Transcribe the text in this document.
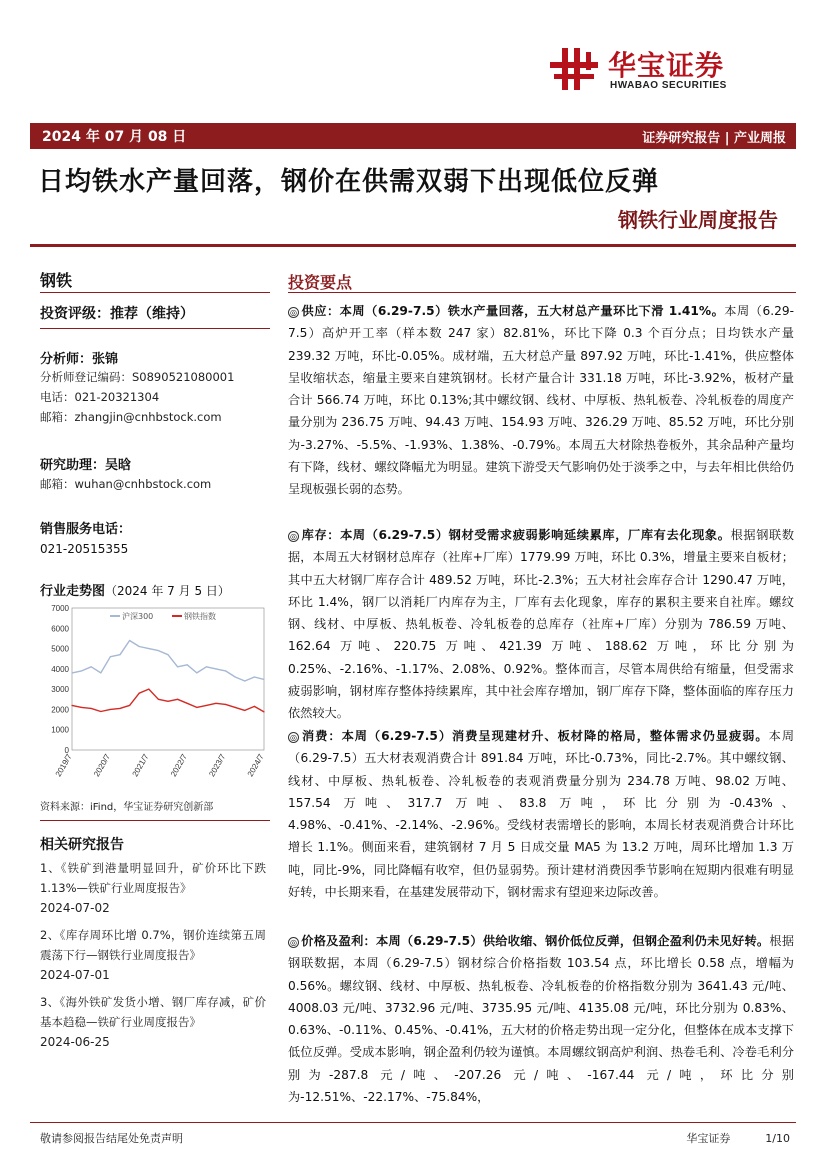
华宝证券
HWABAO SECURITIES
2024 年 07 月 08 日	证券研究报告 | 产业周报
日均铁水产量回落，钢价在供需双弱下出现低位反弹
钢铁行业周度报告
钢铁
投资评级：推荐（维持）
分析师：张锦
分析师登记编码：S0890521080001
电话：021-20321304
邮箱：zhangjin@cnhbstock.com
研究助理：吴晗
邮箱：wuhan@cnhbstock.com
销售服务电话：
021-20515355
行业走势图（2024 年 7 月 5 日）
0
1000
2000
3000
4000
5000
6000
7000
2019/7 2020/7 2021/7 2022/7 2023/7 2024/7
沪深300	钢铁指数
资料来源：iFind，华宝证券研究创新部
相关研究报告
1、《铁矿到港量明显回升，矿价环比下跌 1.13%—铁矿行业周度报告》
2024-07-02
2、《库存周环比增 0.7%，钢价连续第五周震荡下行—钢铁行业周度报告》
2024-07-01
3、《海外铁矿发货小增、钢厂库存减，矿价基本趋稳—铁矿行业周度报告》
2024-06-25
投资要点
◎ 供应：本周（6.29-7.5）铁水产量回落，五大材总产量环比下滑 1.41%。本周（6.29-7.5）高炉开工率（样本数 247 家）82.81%，环比下降 0.3 个百分点；日均铁水产量 239.32 万吨，环比-0.05%。成材端，五大材总产量 897.92 万吨，环比-1.41%，供应整体呈收缩状态，缩量主要来自建筑钢材。长材产量合计 331.18 万吨，环比-3.92%，板材产量合计 566.74 万吨，环比 0.13%;其中螺纹钢、线材、中厚板、热轧板卷、冷轧板卷的周度产量分别为 236.75 万吨、94.43 万吨、154.93 万吨、326.29 万吨、85.52 万吨，环比分别为-3.27%、-5.5%、-1.93%、1.38%、-0.79%。本周五大材除热卷板外，其余品种产量均有下降，线材、螺纹降幅尤为明显。建筑下游受天气影响仍处于淡季之中，与去年相比供给仍呈现板强长弱的态势。
◎ 库存：本周（6.29-7.5）钢材受需求疲弱影响延续累库，厂库有去化现象。根据钢联数据，本周五大材钢材总库存（社库+厂库）1779.99 万吨，环比 0.3%，增量主要来自板材；其中五大材钢厂库存合计 489.52 万吨，环比-2.3%；五大材社会库存合计 1290.47 万吨，环比 1.4%，钢厂以消耗厂内库存为主，厂库有去化现象，库存的累积主要来自社库。螺纹钢、线材、中厚板、热轧板卷、冷轧板卷的总库存（社库+厂库）分别为 786.59 万吨、162.64 万吨、220.75 万吨、421.39 万吨、188.62 万吨，环比分别为 0.25%、-2.16%、-1.17%、2.08%、0.92%。整体而言，尽管本周供给有缩量，但受需求疲弱影响，钢材库存整体持续累库，其中社会库存增加，钢厂库存下降，整体面临的库存压力依然较大。
◎ 消费：本周（6.29-7.5）消费呈现建材升、板材降的格局，整体需求仍显疲弱。本周（6.29-7.5）五大材表观消费合计 891.84 万吨，环比-0.73%，同比-2.7%。其中螺纹钢、线材、中厚板、热轧板卷、冷轧板卷的表观消费量分别为 234.78 万吨、98.02 万吨、157.54 万吨、317.7 万吨、83.8 万吨，环比分别为-0.43%、4.98%、-0.41%、-2.14%、-2.96%。受线材表需增长的影响，本周长材表观消费合计环比增长 1.1%。侧面来看，建筑钢材 7 月 5 日成交量 MA5 为 13.2 万吨，周环比增加 1.3 万吨，同比-9%，同比降幅有收窄，但仍显弱势。预计建材消费因季节影响在短期内很难有明显好转，中长期来看，在基建发展带动下，钢材需求有望迎来边际改善。
◎ 价格及盈利：本周（6.29-7.5）供给收缩、钢价低位反弹，但钢企盈利仍未见好转。根据钢联数据，本周（6.29-7.5）钢材综合价格指数 103.54 点，环比增长 0.58 点，增幅为 0.56%。螺纹钢、线材、中厚板、热轧板卷、冷轧板卷的价格指数分别为 3641.43 元/吨、4008.03 元/吨、3732.96 元/吨、3735.95 元/吨、4135.08 元/吨，环比分别为 0.83%、0.63%、-0.11%、0.45%、-0.41%，五大材的价格走势出现一定分化，但整体在成本支撑下低位反弹。受成本影响，钢企盈利仍较为谨慎。本周螺纹钢高炉利润、热卷毛利、冷卷毛利分别为-287.8 元/吨、-207.26 元/吨、-167.44 元/吨，环比分别为-12.51%、-22.17%、-75.84%，
敬请参阅报告结尾处免责声明	华宝证券	1/10
